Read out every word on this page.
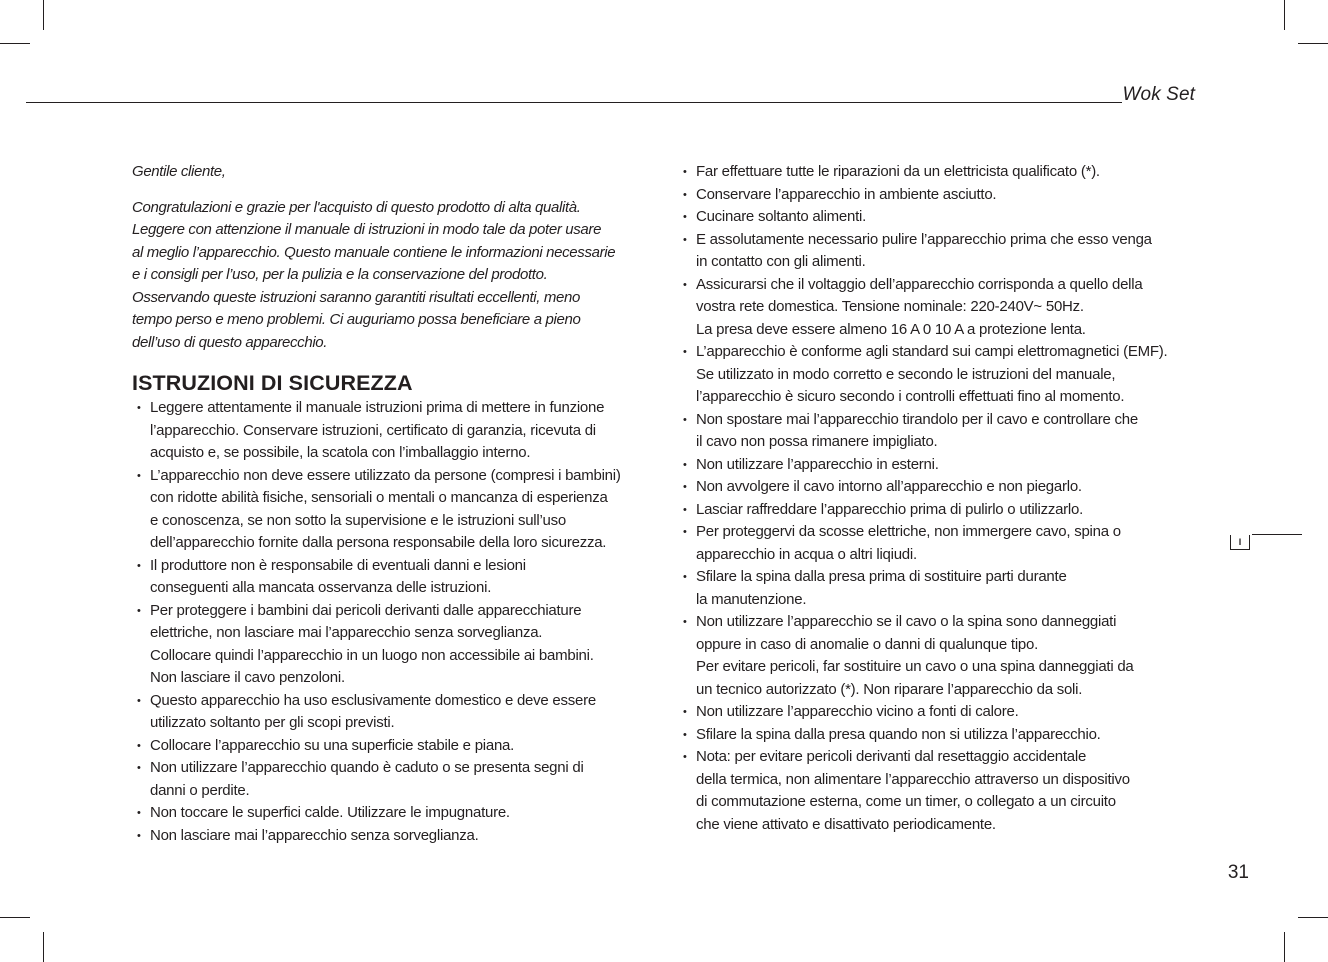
Wok Set

Gentile cliente,

Congratulazioni e grazie per l'acquisto di questo prodotto di alta qualità.
Leggere con attenzione il manuale di istruzioni in modo tale da poter usare
al meglio l’apparecchio. Questo manuale contiene le informazioni necessarie
e i consigli per l’uso, per la pulizia e la conservazione del prodotto.
Osservando queste istruzioni saranno garantiti risultati eccellenti, meno
tempo perso e meno problemi. Ci auguriamo possa beneficiare a pieno
dell’uso di questo apparecchio.

ISTRUZIONI DI SICUREZZA
• Leggere attentamente il manuale istruzioni prima di mettere in funzione
l’apparecchio. Conservare istruzioni, certificato di garanzia, ricevuta di
acquisto e, se possibile, la scatola con l’imballaggio interno.
• L’apparecchio non deve essere utilizzato da persone (compresi i bambini)
con ridotte abilità fisiche, sensoriali o mentali o mancanza di esperienza
e conoscenza, se non sotto la supervisione e le istruzioni sull’uso
dell’apparecchio fornite dalla persona responsabile della loro sicurezza.
• Il produttore non è responsabile di eventuali danni e lesioni
conseguenti alla mancata osservanza delle istruzioni.
• Per proteggere i bambini dai pericoli derivanti dalle apparecchiature
elettriche, non lasciare mai l’apparecchio senza sorveglianza.
Collocare quindi l’apparecchio in un luogo non accessibile ai bambini.
Non lasciare il cavo penzoloni.
• Questo apparecchio ha uso esclusivamente domestico e deve essere
utilizzato soltanto per gli scopi previsti.
• Collocare l’apparecchio su una superficie stabile e piana.
• Non utilizzare l’apparecchio quando è caduto o se presenta segni di
danni o perdite.
• Non toccare le superfici calde. Utilizzare le impugnature.
• Non lasciare mai l’apparecchio senza sorveglianza.
• Far effettuare tutte le riparazioni da un elettricista qualificato (*).
• Conservare l’apparecchio in ambiente asciutto.
• Cucinare soltanto alimenti.
• E assolutamente necessario pulire l’apparecchio prima che esso venga
in contatto con gli alimenti.
• Assicurarsi che il voltaggio dell’apparecchio corrisponda a quello della
vostra rete domestica. Tensione nominale: 220-240V~ 50Hz.
La presa deve essere almeno 16 A 0 10 A a protezione lenta.
• L’apparecchio è conforme agli standard sui campi elettromagnetici (EMF).
Se utilizzato in modo corretto e secondo le istruzioni del manuale,
l’apparecchio è sicuro secondo i controlli effettuati fino al momento.
• Non spostare mai l’apparecchio tirandolo per il cavo e controllare che
il cavo non possa rimanere impigliato.
• Non utilizzare l’apparecchio in esterni.
• Non avvolgere il cavo intorno all’apparecchio e non piegarlo.
• Lasciar raffreddare l’apparecchio prima di pulirlo o utilizzarlo.
• Per proteggervi da scosse elettriche, non immergere cavo, spina o
apparecchio in acqua o altri liqiudi.
• Sfilare la spina dalla presa prima di sostituire parti durante
la manutenzione.
• Non utilizzare l’apparecchio se il cavo o la spina sono danneggiati
oppure in caso di anomalie o danni di qualunque tipo.
Per evitare pericoli, far sostituire un cavo o una spina danneggiati da
un tecnico autorizzato (*). Non riparare l’apparecchio da soli.
• Non utilizzare l’apparecchio vicino a fonti di calore.
• Sfilare la spina dalla presa quando non si utilizza l’apparecchio.
• Nota: per evitare pericoli derivanti dal resettaggio accidentale
della termica, non alimentare l’apparecchio attraverso un dispositivo
di commutazione esterna, come un timer, o collegato a un circuito
che viene attivato e disattivato periodicamente.
I
31
